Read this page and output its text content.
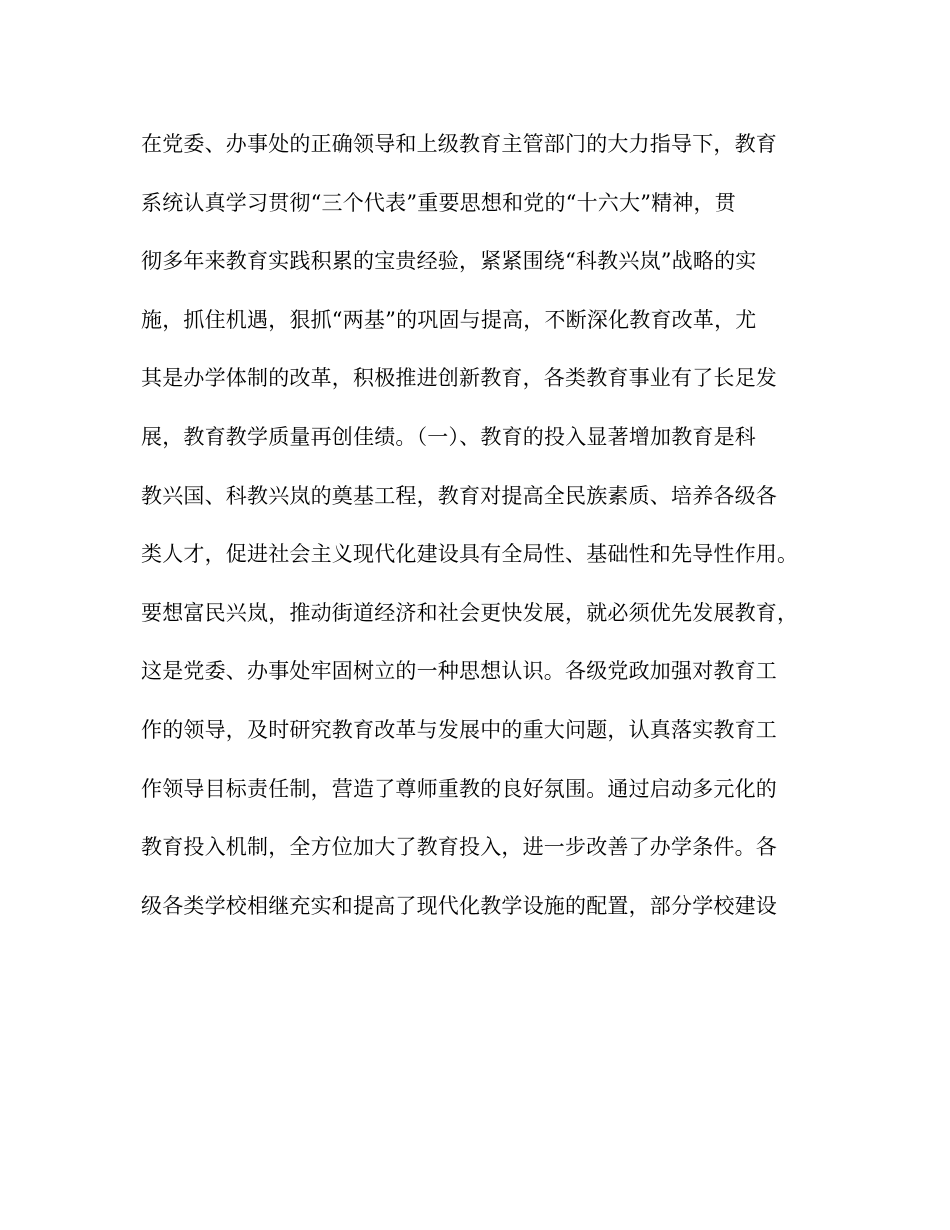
在党委、办事处的正确领导和上级教育主管部门的大力指导下，教育
系统认真学习贯彻“三个代表”重要思想和党的“十六大”精神，贯
彻多年来教育实践积累的宝贵经验，紧紧围绕“科教兴岚”战略的实
施，抓住机遇，狠抓“两基”的巩固与提高，不断深化教育改革，尤
其是办学体制的改革，积极推进创新教育，各类教育事业有了长足发
展，教育教学质量再创佳绩。（一）、教育的投入显著增加教育是科
教兴国、科教兴岚的奠基工程，教育对提高全民族素质、培养各级各
类人才，促进社会主义现代化建设具有全局性、基础性和先导性作用。
要想富民兴岚，推动街道经济和社会更快发展，就必须优先发展教育，
这是党委、办事处牢固树立的一种思想认识。各级党政加强对教育工
作的领导，及时研究教育改革与发展中的重大问题，认真落实教育工
作领导目标责任制，营造了尊师重教的良好氛围。通过启动多元化的
教育投入机制，全方位加大了教育投入，进一步改善了办学条件。各
级各类学校相继充实和提高了现代化教学设施的配置，部分学校建设
